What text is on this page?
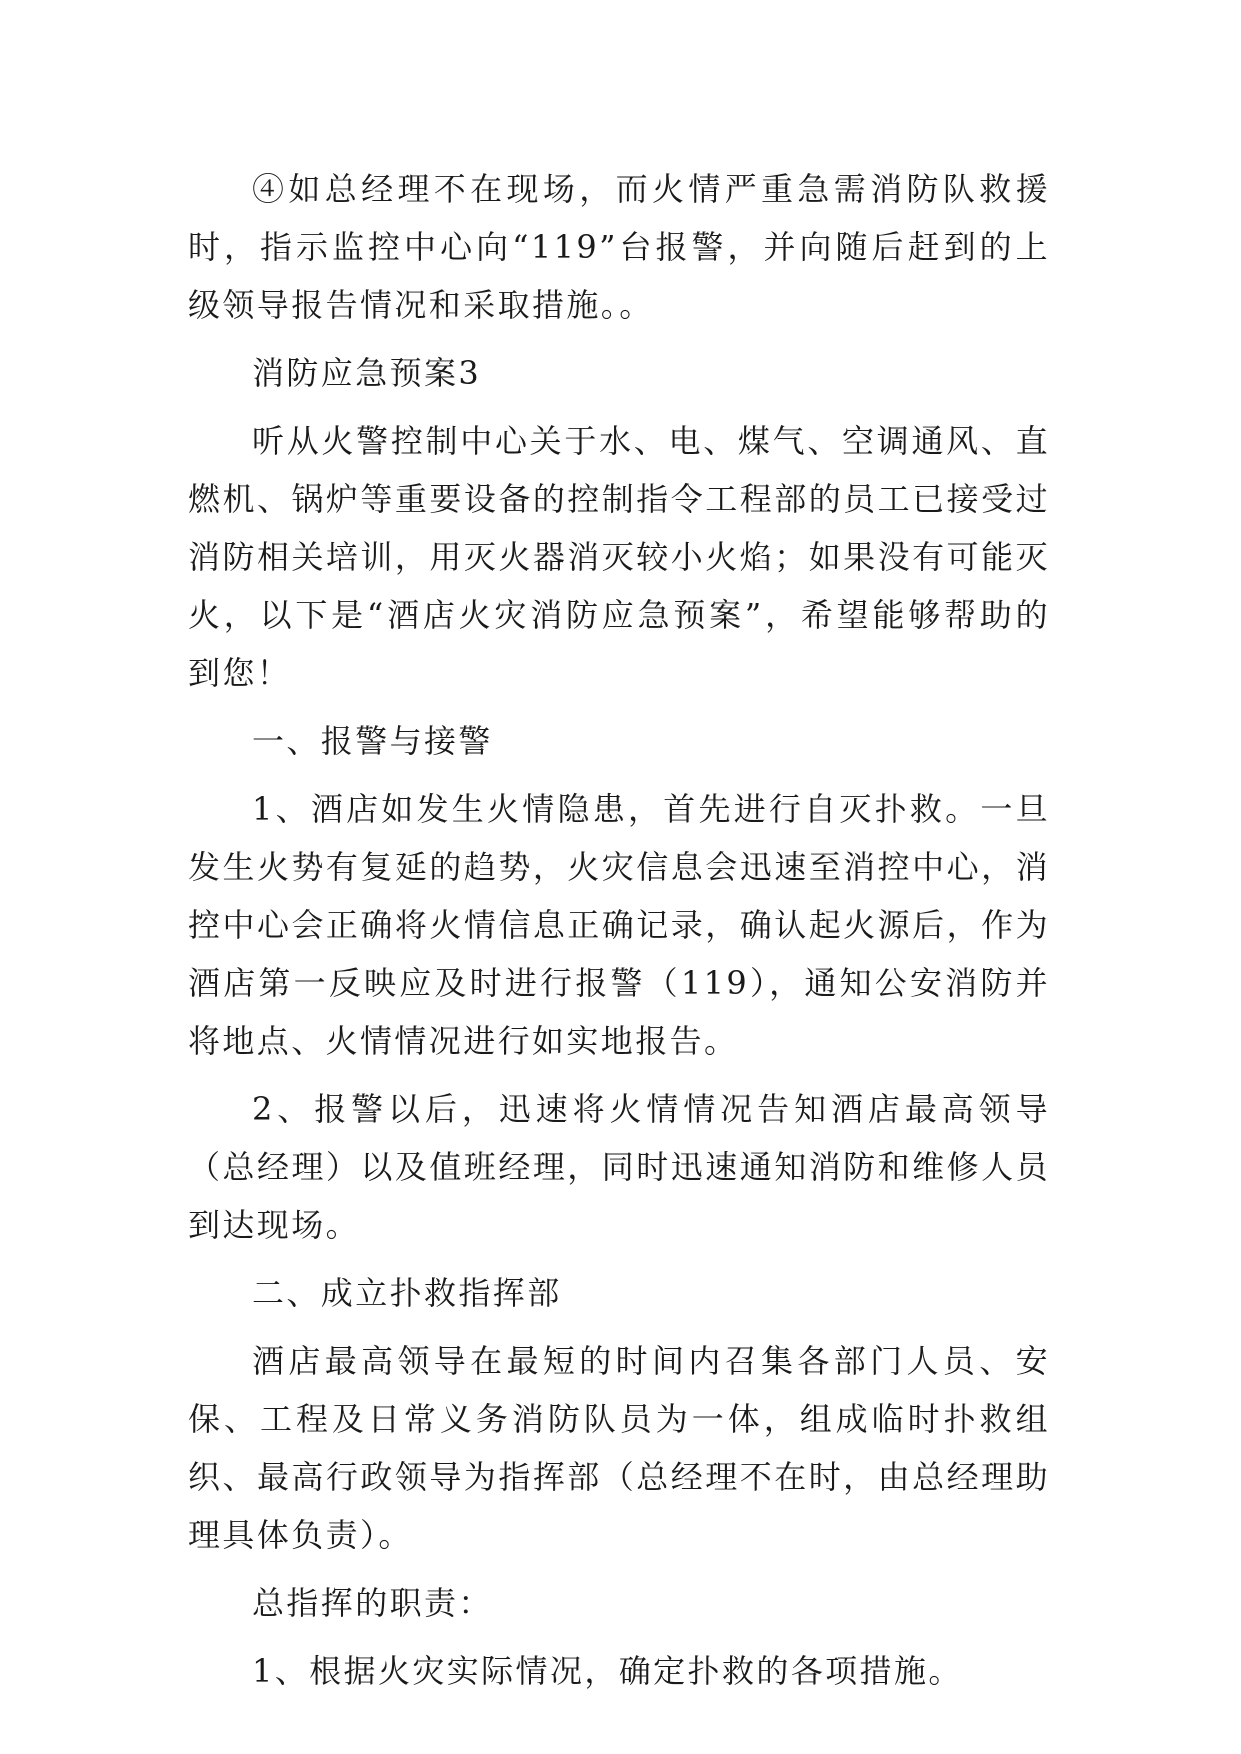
④如总经理不在现场，而火情严重急需消防队救援时，指示监控中心向“119”台报警，并向随后赶到的上级领导报告情况和采取措施。。

消防应急预案3

听从火警控制中心关于水、电、煤气、空调通风、直燃机、锅炉等重要设备的控制指令工程部的员工已接受过消防相关培训，用灭火器消灭较小火焰；如果没有可能灭火，以下是“酒店火灾消防应急预案”，希望能够帮助的到您！

一、报警与接警

1、酒店如发生火情隐患，首先进行自灭扑救。一旦发生火势有复延的趋势，火灾信息会迅速至消控中心，消控中心会正确将火情信息正确记录，确认起火源后，作为酒店第一反映应及时进行报警（119），通知公安消防并将地点、火情情况进行如实地报告。

2、报警以后，迅速将火情情况告知酒店最高领导（总经理）以及值班经理，同时迅速通知消防和维修人员到达现场。

二、成立扑救指挥部

酒店最高领导在最短的时间内召集各部门人员、安保、工程及日常义务消防队员为一体，组成临时扑救组织、最高行政领导为指挥部（总经理不在时，由总经理助理具体负责）。

总指挥的职责：

1、根据火灾实际情况，确定扑救的各项措施。
